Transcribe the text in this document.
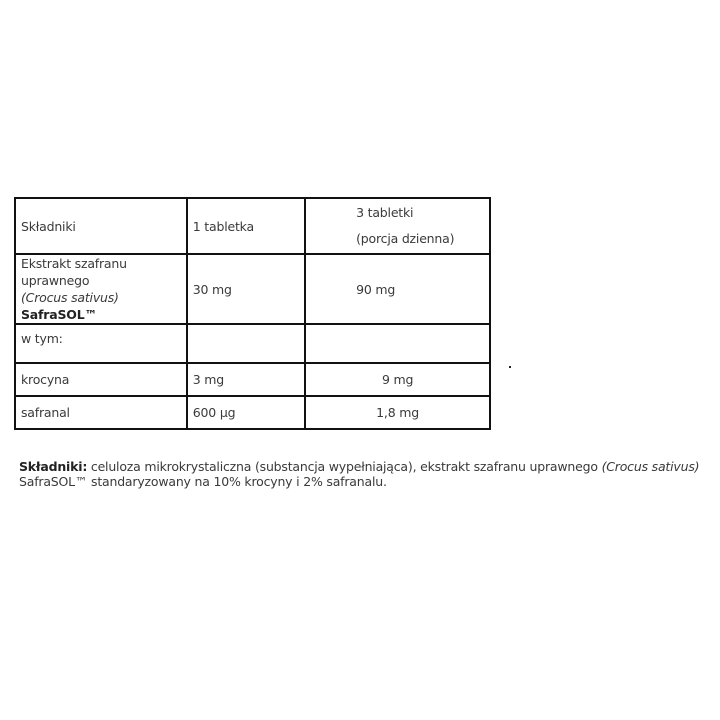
Składniki	1 tabletka	3 tabletki
(porcja dzienna)
Ekstrakt szafranu uprawnego
(Crocus sativus) SafraSOL™	30 mg	90 mg
w tym:		
krocyna	3 mg	9 mg
safranal	600 µg	1,8 mg

Składniki: celuloza mikrokrystaliczna (substancja wypełniająca), ekstrakt szafranu uprawnego (Crocus sativus) SafraSOL™ standaryzowany na 10% krocyny i 2% safranalu.
